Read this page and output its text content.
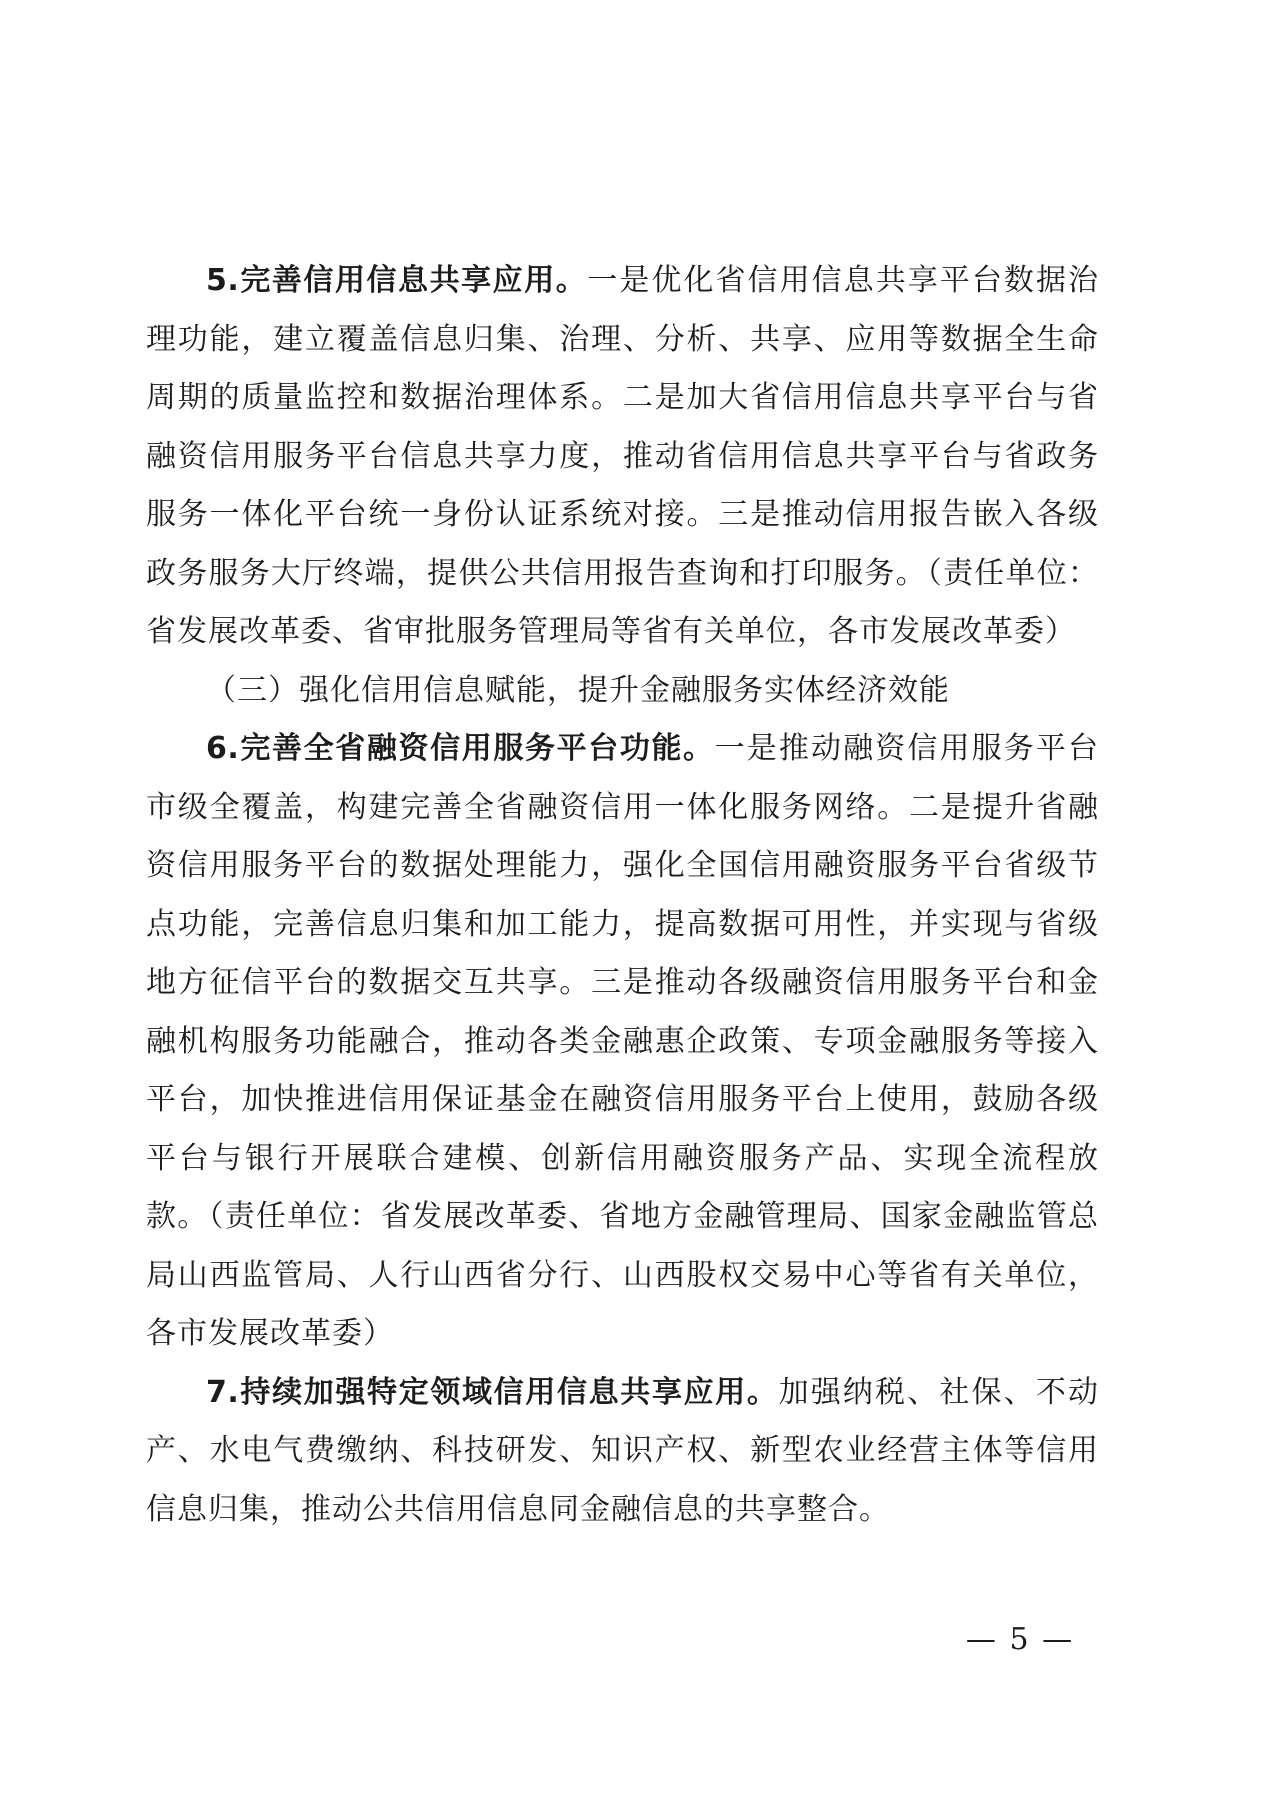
5.完善信用信息共享应用。一是优化省信用信息共享平台数据治理功能，建立覆盖信息归集、治理、分析、共享、应用等数据全生命周期的质量监控和数据治理体系。二是加大省信用信息共享平台与省融资信用服务平台信息共享力度，推动省信用信息共享平台与省政务服务一体化平台统一身份认证系统对接。三是推动信用报告嵌入各级政务服务大厅终端，提供公共信用报告查询和打印服务。（责任单位：省发展改革委、省审批服务管理局等省有关单位，各市发展改革委）

（三）强化信用信息赋能，提升金融服务实体经济效能

6.完善全省融资信用服务平台功能。一是推动融资信用服务平台市级全覆盖，构建完善全省融资信用一体化服务网络。二是提升省融资信用服务平台的数据处理能力，强化全国信用融资服务平台省级节点功能，完善信息归集和加工能力，提高数据可用性，并实现与省级地方征信平台的数据交互共享。三是推动各级融资信用服务平台和金融机构服务功能融合，推动各类金融惠企政策、专项金融服务等接入平台，加快推进信用保证基金在融资信用服务平台上使用，鼓励各级平台与银行开展联合建模、创新信用融资服务产品、实现全流程放款。（责任单位：省发展改革委、省地方金融管理局、国家金融监管总局山西监管局、人行山西省分行、山西股权交易中心等省有关单位，各市发展改革委）

7.持续加强特定领域信用信息共享应用。加强纳税、社保、不动产、水电气费缴纳、科技研发、知识产权、新型农业经营主体等信用信息归集，推动公共信用信息同金融信息的共享整合。

— 5 —
